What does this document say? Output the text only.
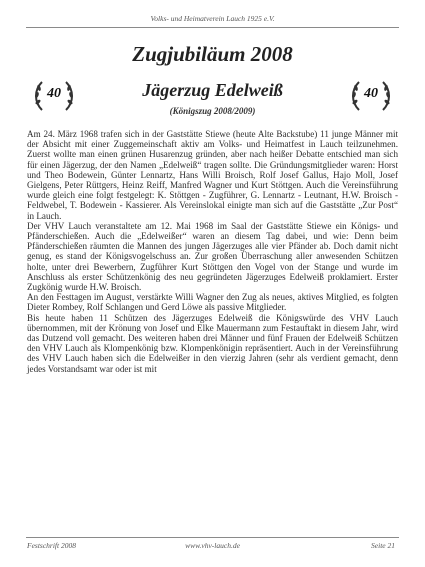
Volks- und Heimatverein Lauch 1925 e.V.
40	40
Zugjubiläum 2008
Jägerzug Edelweiß
(Königszug 2008/2009)

Am 24. März 1968 trafen sich in der Gaststätte Stiewe (heute Alte Backstube) 11 junge Männer mit der Absicht mit einer Zuggemeinschaft aktiv am Volks- und Heimatfest in Lauch teilzunehmen. Zuerst wollte man einen grünen Husarenzug gründen, aber nach heißer Debatte entschied man sich für einen Jägerzug, der den Namen „Edelweiß“ tragen sollte. Die Gründungsmitglieder waren: Horst und Theo Bodewein, Günter Lennartz, Hans Willi Broisch, Rolf Josef Gallus, Hajo Moll, Josef Gielgens, Peter Rüttgers, Heinz Reiff, Manfred Wagner und Kurt Stöttgen. Auch die Vereinsführung wurde gleich eine folgt festgelegt: K. Stöttgen - Zugführer, G. Lennartz - Leutnant, H.W. Broisch - Feldwebel, T. Bodewein - Kassierer. Als Vereinslokal einigte man sich auf die Gaststätte „Zur Post“ in Lauch.

Der VHV Lauch veranstaltete am 12. Mai 1968 im Saal der Gaststätte Stiewe ein Königs- und Pfänderschießen. Auch die „Edelweißer“ waren an diesem Tag dabei, und wie: Denn beim Pfänderschießen räumten die Mannen des jungen Jägerzuges alle vier Pfänder ab. Doch damit nicht genug, es stand der Königsvogelschuss an. Zur großen Überraschung aller anwesenden Schützen holte, unter drei Bewerbern, Zugführer Kurt Stöttgen den Vogel von der Stange und wurde im Anschluss als erster Schützenkönig des neu gegründeten Jägerzuges Edelweiß proklamiert. Erster Zugkönig wurde H.W. Broisch.

An den Festtagen im August, verstärkte Willi Wagner den Zug als neues, aktives Mitglied, es folgten Dieter Rombey, Rolf Schlangen und Gerd Löwe als passive Mitglieder.

Bis heute haben 11 Schützen des Jägerzuges Edelweiß die Königswürde des VHV Lauch übernommen, mit der Krönung von Josef und Elke Mauermann zum Festauftakt in diesem Jahr, wird das Dutzend voll gemacht. Des weiteren haben drei Männer und fünf Frauen der Edelweiß Schützen den VHV Lauch als Klompenkönig bzw. Klompenkönigin repräsentiert. Auch in der Vereinsführung des VHV Lauch haben sich die Edelweißer in den vierzig Jahren (sehr als verdient gemacht, denn jedes Vorstandsamt war oder ist mit

Festschrift 2008	www.vhv-lauch.de	Seite 21
